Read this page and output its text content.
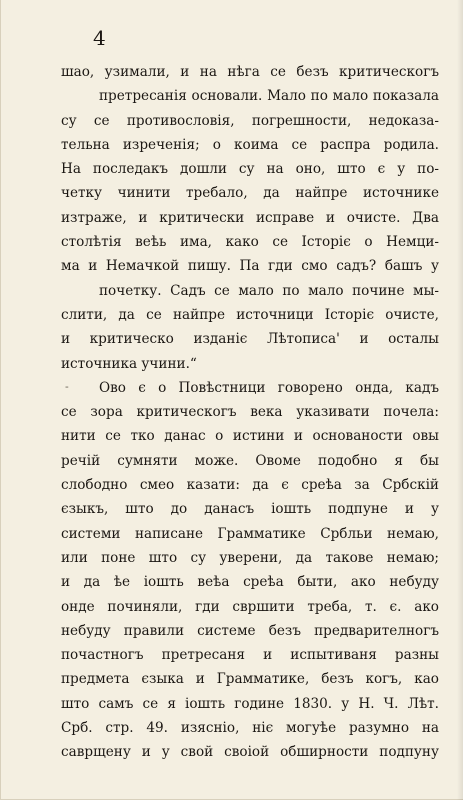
4
-
шао, узимали, и на нѣга се безъ критическогъ
претресанія основали. Мало по мало показала
су се противословія, погрешности, недоказа-
тельна изреченія; о коима се распра родила.
На последакъ дошли су на оно, што є у по-
четку чинити требало, да найпре источнике
изтраже, и критически исправе и очисте. Два
столѣтія веѣь има, како се Історіє о Немци-
ма и Немачкой пишу. Па гди смо садъ? башъ у
почетку. Садъ се мало по мало почине мы-
слити, да се найпре источници Історіє очисте,
и критическо изданіє Лѣтописа' и осталы
источника учини.“
Ово є о Повѣстници говорено онда, кадъ
се зора критическогъ века указивати почела:
нити се тко данас о истини и основаности овы
речій сумняти може. Овоме подобно я бы
слободно смео казати: да є среѣа за Србскій
єзыкъ, што до данасъ іошть подпуне и у
системи написане Грамматике Србльи немаю,
или поне што су уверени, да такове немаю;
и да ѣе іошть веѣа среѣа быти, ако небуду
онде починяли, гди свршити треба, т. є. ако
небуду правили системе безъ предварителногъ
почастногъ претресаня и испытиваня разны
предмета єзыка и Грамматике, безъ когъ, као
што самъ се я іошть године 1830. у Н. Ч. Лѣт.
Срб. стр. 49. изяснio, нiє могуѣе разумно на
саврщену и у свой своіой обширности подпуну
